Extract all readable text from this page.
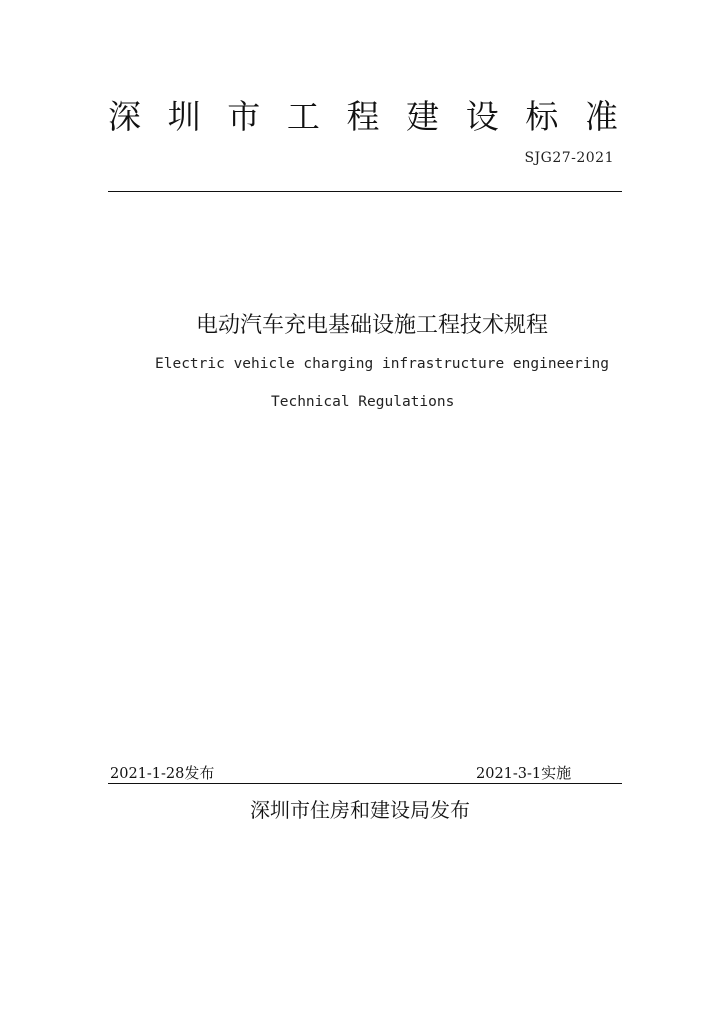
深 圳 市 工 程 建 设 标 准
SJG27-2021
电动汽车充电基础设施工程技术规程
Electric vehicle charging infrastructure engineering
Technical Regulations
2021-1-28发布	2021-3-1实施
深圳市住房和建设局发布
